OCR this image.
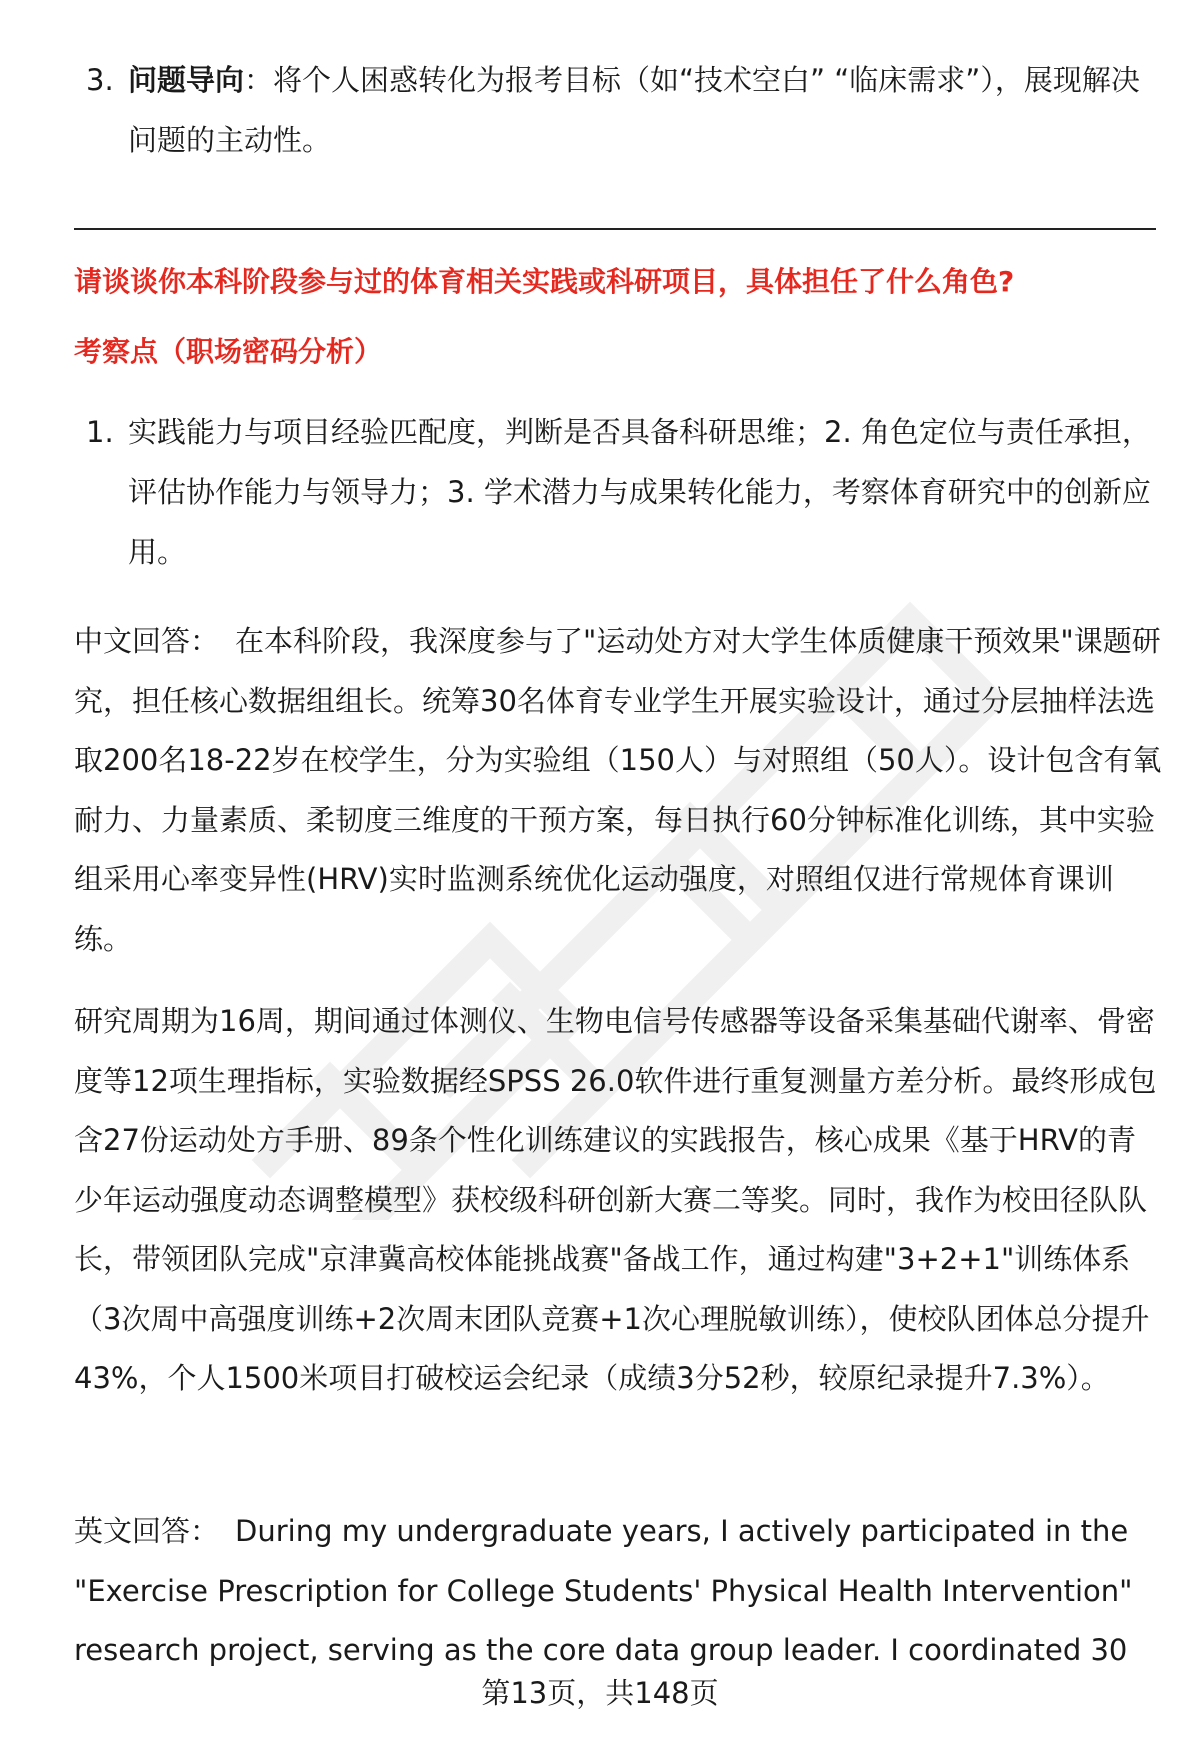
3. 问题导向：将个人困惑转化为报考目标（如“技术空白” “临床需求”），展现解决问题的主动性。
请谈谈你本科阶段参与过的体育相关实践或科研项目，具体担任了什么角色?
考察点（职场密码分析）
1. 实践能力与项目经验匹配度，判断是否具备科研思维；2. 角色定位与责任承担，评估协作能力与领导力；3. 学术潜力与成果转化能力，考察体育研究中的创新应用。
中文回答： 在本科阶段，我深度参与了"运动处方对大学生体质健康干预效果"课题研究，担任核心数据组组长。统筹30名体育专业学生开展实验设计，通过分层抽样法选取200名18-22岁在校学生，分为实验组（150人）与对照组（50人）。设计包含有氧耐力、力量素质、柔韧度三维度的干预方案，每日执行60分钟标准化训练，其中实验组采用心率变异性(HRV)实时监测系统优化运动强度，对照组仅进行常规体育课训练。
研究周期为16周，期间通过体测仪、生物电信号传感器等设备采集基础代谢率、骨密度等12项生理指标，实验数据经SPSS 26.0软件进行重复测量方差分析。最终形成包含27份运动处方手册、89条个性化训练建议的实践报告，核心成果《基于HRV的青少年运动强度动态调整模型》获校级科研创新大赛二等奖。同时，我作为校田径队队长，带领团队完成"京津冀高校体能挑战赛"备战工作，通过构建"3+2+1"训练体系（3次周中高强度训练+2次周末团队竞赛+1次心理脱敏训练），使校队团体总分提升43%，个人1500米项目打破校运会纪录（成绩3分52秒，较原纪录提升7.3%）。
英文回答： During my undergraduate years, I actively participated in the "Exercise Prescription for College Students' Physical Health Intervention" research project, serving as the core data group leader. I coordinated 30
第13页，共148页
